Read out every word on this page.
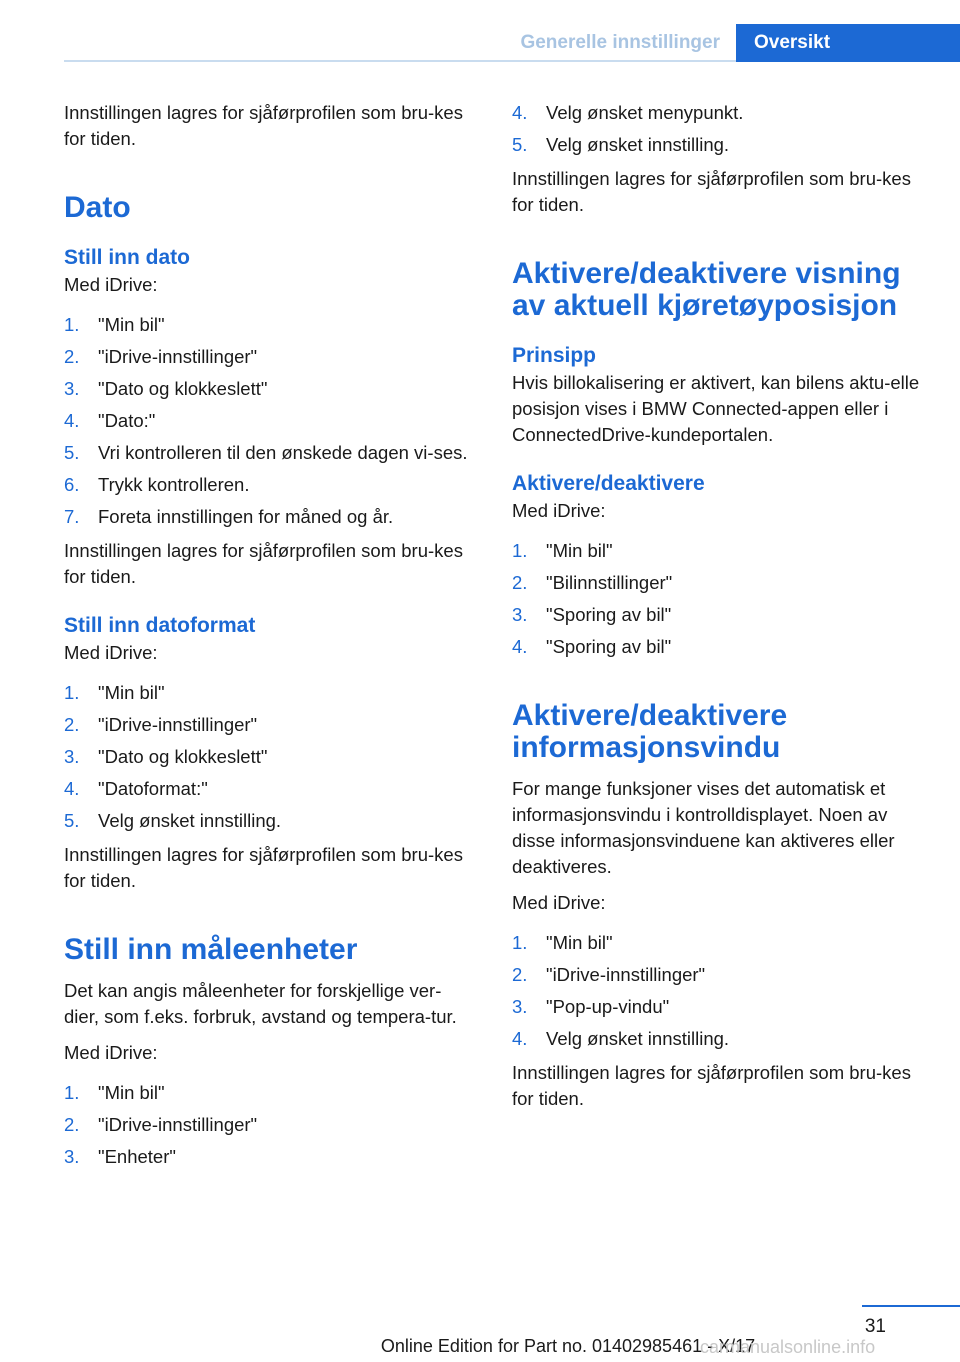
Generelle innstillinger	Oversikt

Innstillingen lagres for sjåførprofilen som bru-kes for tiden.

Dato
Still inn dato

Med iDrive:

1. "Min bil"
2. "iDrive-innstillinger"
3. "Dato og klokkeslett"
4. "Dato:"
5. Vri kontrolleren til den ønskede dagen vi-ses.
6. Trykk kontrolleren.
7. Foreta innstillingen for måned og år.

Innstillingen lagres for sjåførprofilen som bru-kes for tiden.

Still inn datoformat

Med iDrive:

1. "Min bil"
2. "iDrive-innstillinger"
3. "Dato og klokkeslett"
4. "Datoformat:"
5. Velg ønsket innstilling.

Innstillingen lagres for sjåførprofilen som bru-kes for tiden.

Still inn måleenheter

Det kan angis måleenheter for forskjellige ver-dier, som f.eks. forbruk, avstand og tempera-tur.

Med iDrive:

1. "Min bil"
2. "iDrive-innstillinger"
3. "Enheter"
4. Velg ønsket menypunkt.
5. Velg ønsket innstilling.

Innstillingen lagres for sjåførprofilen som bru-kes for tiden.

Aktivere/deaktivere visning av aktuell kjøretøyposisjon
Prinsipp

Hvis billokalisering er aktivert, kan bilens aktu-elle posisjon vises i BMW Connected-appen eller i ConnectedDrive-kundeportalen.

Aktivere/deaktivere

Med iDrive:

1. "Min bil"
2. "Bilinnstillinger"
3. "Sporing av bil"
4. "Sporing av bil"
Aktivere/deaktivere informasjonsvindu

For mange funksjoner vises det automatisk et informasjonsvindu i kontrolldisplayet. Noen av disse informasjonsvinduene kan aktiveres eller deaktiveres.

Med iDrive:

1. "Min bil"
2. "iDrive-innstillinger"
3. "Pop-up-vindu"
4. Velg ønsket innstilling.

Innstillingen lagres for sjåførprofilen som bru-kes for tiden.

31
Online Edition for Part no. 01402985461 - X/17
carmanualsonline.info
